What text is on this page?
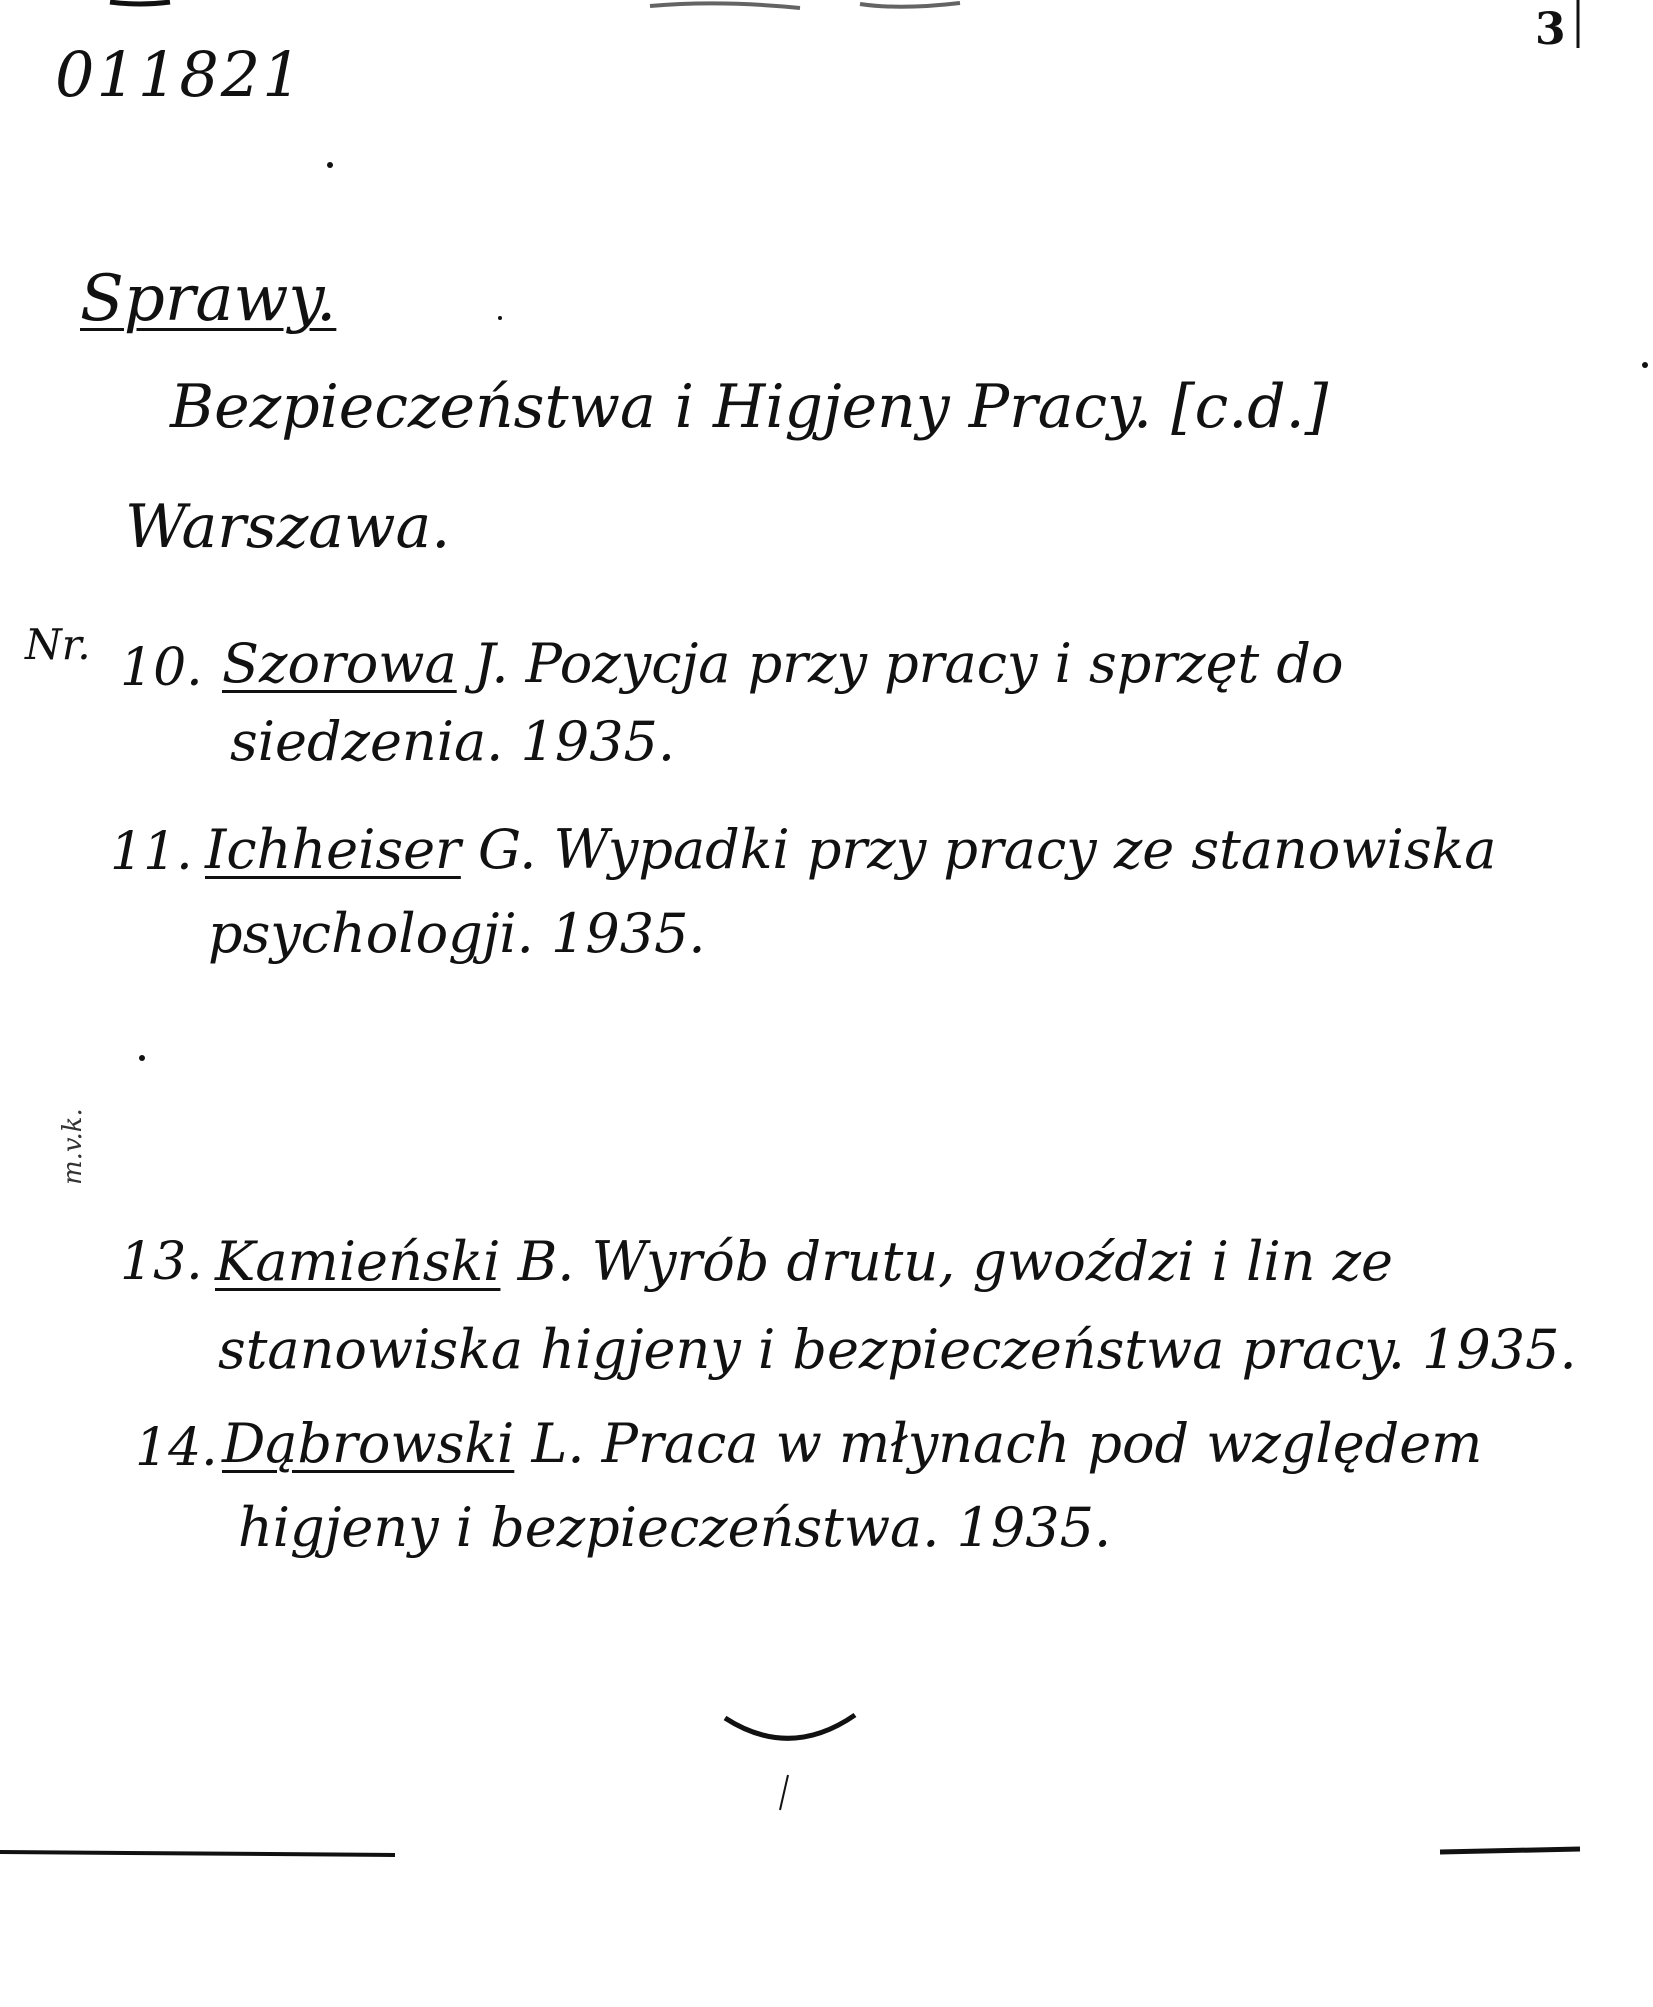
011821
3
Sprawy.
Bezpieczeństwa i Higjeny Pracy. [c.d.]
Warszawa.
Nr. 10. Szorowa J. Pozycja przy pracy i sprzęt do
siedzenia. 1935.
11. Ichheiser G. Wypadki przy pracy ze stanowiska
psychologji. 1935.
m.v.k.
13. Kamieński B. Wyrób drutu, gwoździ i lin ze
stanowiska higjeny i bezpieczeństwa pracy. 1935.
14. Dąbrowski L. Praca w młynach pod względem
higjeny i bezpieczeństwa. 1935.
